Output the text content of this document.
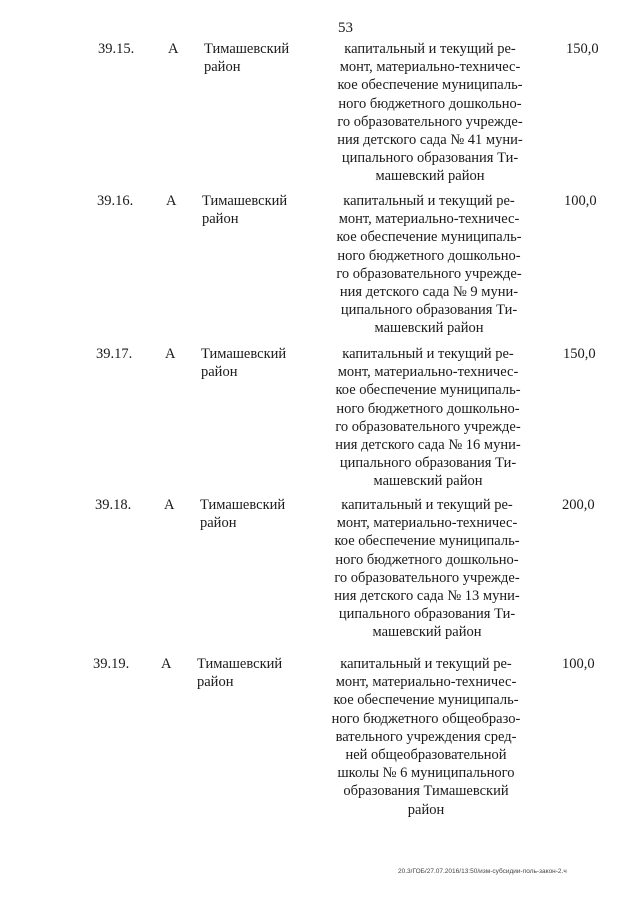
53
39.15.	А	Тимашевский
район
капитальный и текущий ре-
монт, материально-техничес-
кое обеспечение муниципаль-
ного бюджетного дошкольно-
го образовательного учрежде-
ния детского сада № 41 муни-
ципального образования Ти-
машевский район
150,0
39.16.	А	Тимашевский
район
капитальный и текущий ре-
монт, материально-техничес-
кое обеспечение муниципаль-
ного бюджетного дошкольно-
го образовательного учрежде-
ния детского сада № 9 муни-
ципального образования Ти-
машевский район
100,0
39.17.	А	Тимашевский
район
капитальный и текущий ре-
монт, материально-техничес-
кое обеспечение муниципаль-
ного бюджетного дошкольно-
го образовательного учрежде-
ния детского сада № 16 муни-
ципального образования Ти-
машевский район
150,0
39.18.	А	Тимашевский
район
капитальный и текущий ре-
монт, материально-техничес-
кое обеспечение муниципаль-
ного бюджетного дошкольно-
го образовательного учрежде-
ния детского сада № 13 муни-
ципального образования Ти-
машевский район
200,0
39.19.	А	Тимашевский
район
капитальный и текущий ре-
монт, материально-техничес-
кое обеспечение муниципаль-
ного бюджетного общеобразо-
вательного учреждения сред-
ней общеобразовательной
школы № 6 муниципального
образования Тимашевский
район
100,0
20.3/ГОБ/27.07.2016/13:50/изм-субсидии-поль-закон-2.ч
